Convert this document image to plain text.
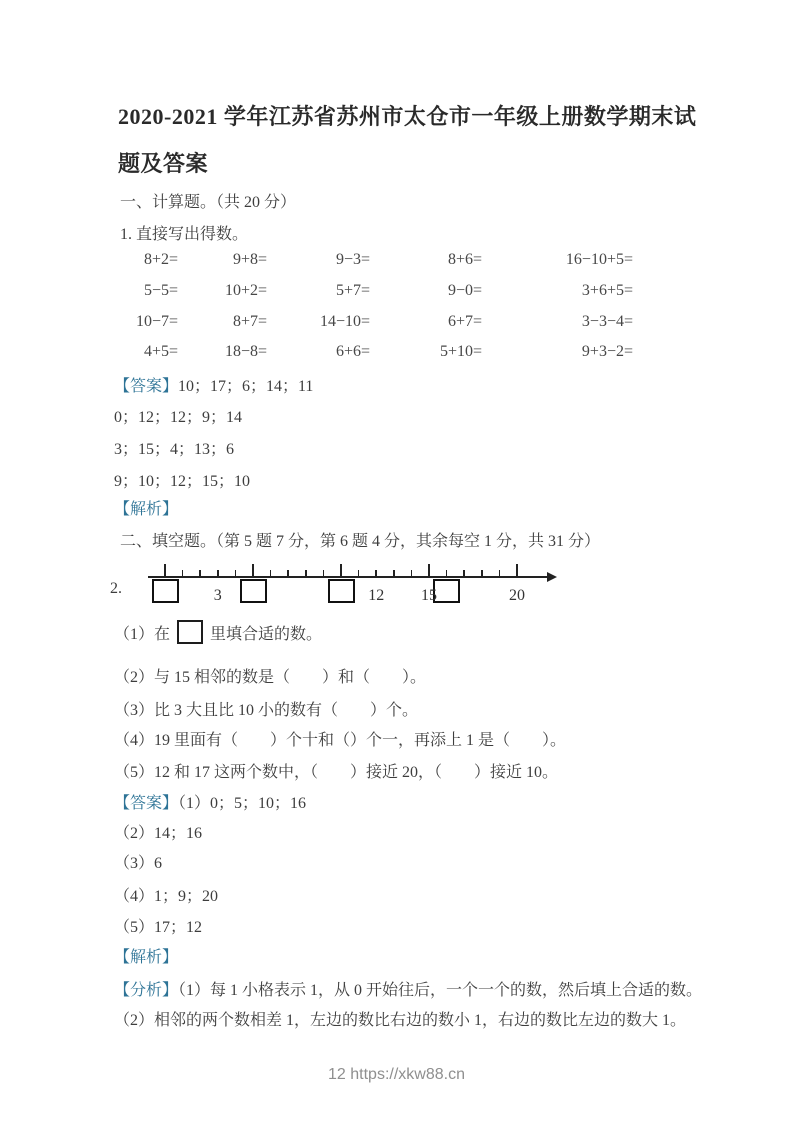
2020-2021 学年江苏省苏州市太仓市一年级上册数学期末试
题及答案
一、计算题。（共 20 分）
1. 直接写出得数。
8+2=	9+8=	9−3=	8+6=	16−10+5=
5−5=	10+2=	5+7=	9−0=	3+6+5=
10−7=	8+7=	14−10=	6+7=	3−3−4=
4+5=	18−8=	6+6=	5+10=	9+3−2=
【答案】10；17；6；14；11
0；12；12；9；14
3；15；4；13；6
9；10；12；15；10
【解析】
二、填空题。（第 5 题 7 分，第 6 题 4 分，其余每空 1 分，共 31 分）
2.	3	12	15	20
（1）在	里填合适的数。
（2）与 15 相邻的数是（　　）和（　　）。
（3）比 3 大且比 10 小的数有（　　）个。
（4）19 里面有（　　）个十和（）个一，再添上 1 是（　　）。
（5）12 和 17 这两个数中，（　　）接近 20，（　　）接近 10。
【答案】（1）0；5；10；16
（2）14；16
（3）6
（4）1；9；20
（5）17；12
【解析】
【分析】（1）每 1 小格表示 1，从 0 开始往后，一个一个的数，然后填上合适的数。
（2）相邻的两个数相差 1，左边的数比右边的数小 1，右边的数比左边的数大 1。
12 https://xkw88.cn
